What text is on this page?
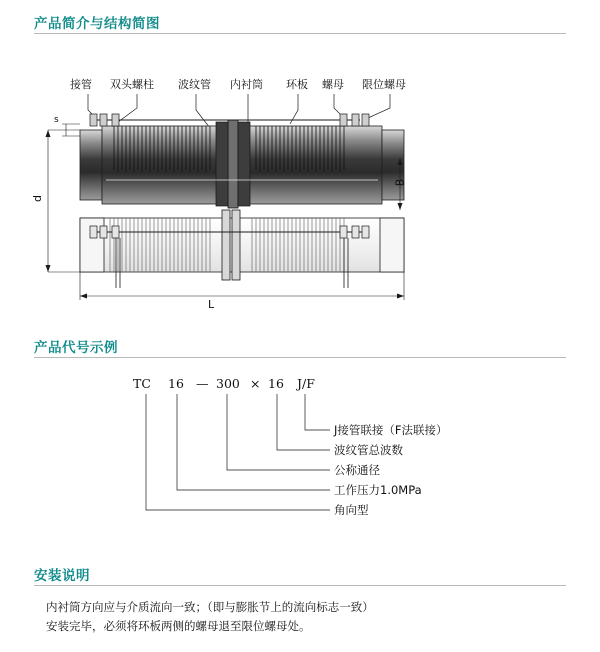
产品简介与结构简图
接管 双头螺柱 波纹管 内衬筒 环板 螺母 限位螺母
s
d
B
L
产品代号示例
TC 16 — 300 × 16 J/F
J接管联接（F法联接）
波纹管总波数
公称通径
工作压力1.0MPa
角向型
安装说明
内衬筒方向应与介质流向一致；（即与膨胀节上的流向标志一致）
安装完毕，必须将环板两侧的螺母退至限位螺母处。
